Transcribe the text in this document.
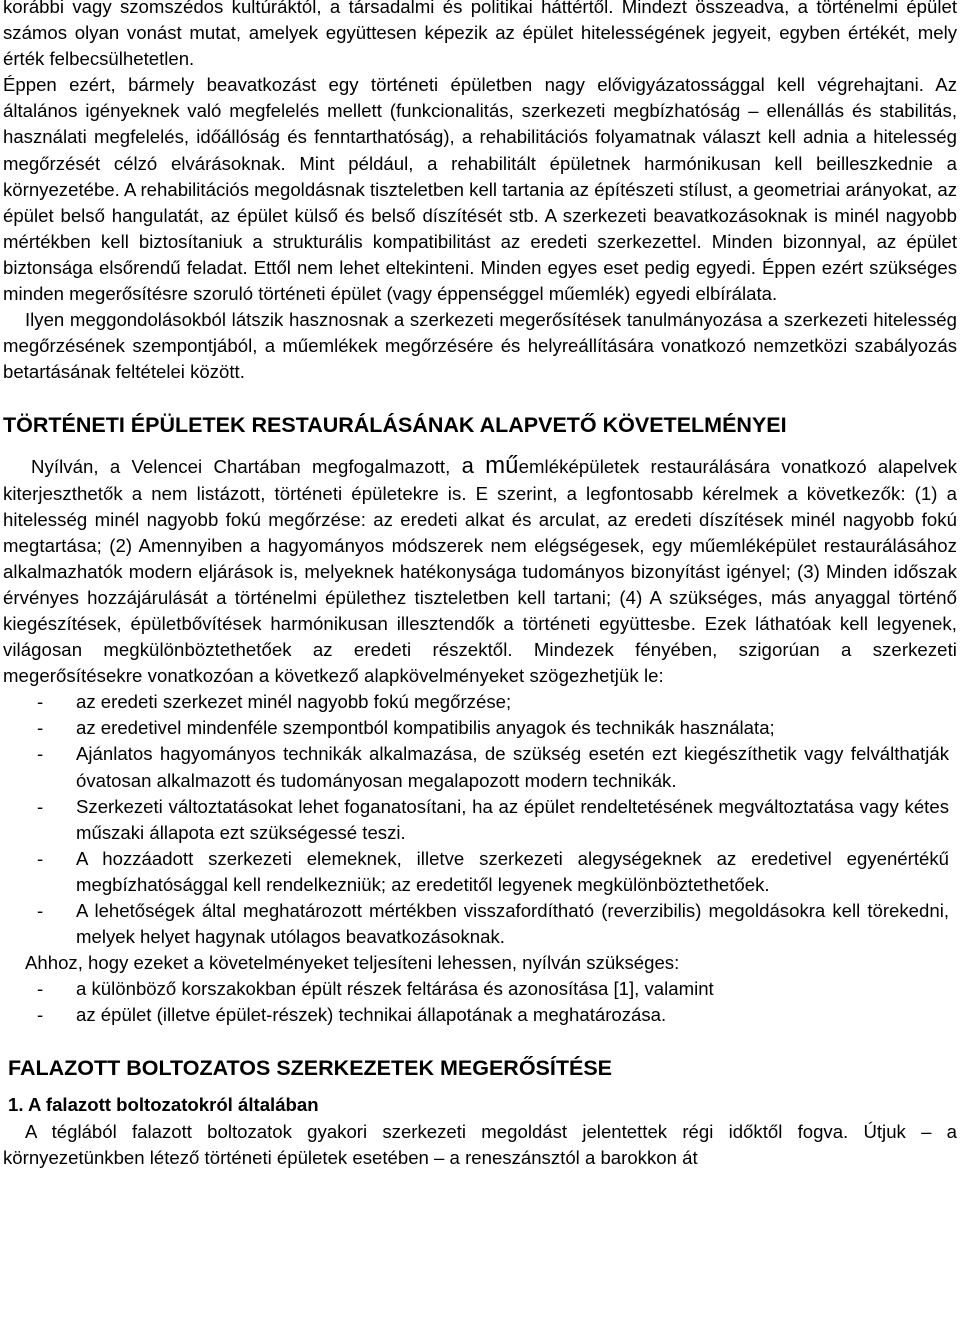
korábbi vagy szomszédos kultúráktól, a társadalmi és politikai háttértől. Mindezt összeadva, a történelmi épület számos olyan vonást mutat, amelyek együttesen képezik az épület hitelességének jegyeit, egyben értékét, mely érték felbecsülhetetlen.

Éppen ezért, bármely beavatkozást egy történeti épületben nagy elővigyázatossággal kell végrehajtani. Az általános igényeknek való megfelelés mellett (funkcionalitás, szerkezeti megbízhatóság – ellenállás és stabilitás, használati megfelelés, időállóság és fenntarthatóság), a rehabilitációs folyamatnak választ kell adnia a hitelesség megőrzését célzó elvárásoknak. Mint például, a rehabilitált épületnek harmónikusan kell beilleszkednie a környezetébe. A rehabilitációs megoldásnak tiszteletben kell tartania az építészeti stílust, a geometriai arányokat, az épület belső hangulatát, az épület külső és belső díszítését stb. A szerkezeti beavatkozásoknak is minél nagyobb mértékben kell biztosítaniuk a strukturális kompatibilitást az eredeti szerkezettel. Minden bizonnyal, az épület biztonsága elsőrendű feladat. Ettől nem lehet eltekinteni. Minden egyes eset pedig egyedi. Éppen ezért szükséges minden megerősítésre szoruló történeti épület (vagy éppenséggel műemlék) egyedi elbírálata.

Ilyen meggondolásokból látszik hasznosnak a szerkezeti megerősítések tanulmányozása a szerkezeti hitelesség megőrzésének szempontjából, a műemlékek megőrzésére és helyreállítására vonatkozó nemzetközi szabályozás betartásának feltételei között.

TÖRTÉNETI ÉPÜLETEK RESTAURÁLÁSÁNAK ALAPVETŐ KÖVETELMÉNYEI

Nyílván, a Velencei Chartában megfogalmazott, a műemléképületek restaurálására vonatkozó alapelvek kiterjeszthetők a nem listázott, történeti épületekre is. E szerint, a legfontosabb kérelmek a következők: (1) a hitelesség minél nagyobb fokú megőrzése: az eredeti alkat és arculat, az eredeti díszítések minél nagyobb fokú megtartása; (2) Amennyiben a hagyományos módszerek nem elégségesek, egy műemléképület restaurálásához alkalmazhatók modern eljárások is, melyeknek hatékonysága tudományos bizonyítást igényel; (3) Minden időszak érvényes hozzájárulását a történelmi épülethez tiszteletben kell tartani; (4) A szükséges, más anyaggal történő kiegészítések, épületbővítések harmónikusan illesztendők a történeti együttesbe. Ezek láthatóak kell legyenek, világosan megkülönböztethetőek az eredeti részektől. Mindezek fényében, szigorúan a szerkezeti megerősítésekre vonatkozóan a következő alapkövelményeket szögezhetjük le:

- az eredeti szerkezet minél nagyobb fokú megőrzése;
- az eredetivel mindenféle szempontból kompatibilis anyagok és technikák használata;
- Ajánlatos hagyományos technikák alkalmazása, de szükség esetén ezt kiegészíthetik vagy felválthatják óvatosan alkalmazott és tudományosan megalapozott modern technikák.
- Szerkezeti változtatásokat lehet foganatosítani, ha az épület rendeltetésének megváltoztatása vagy kétes műszaki állapota ezt szükségessé teszi.
- A hozzáadott szerkezeti elemeknek, illetve szerkezeti alegységeknek az eredetivel egyenértékű megbízhatósággal kell rendelkezniük; az eredetitől legyenek megkülönböztethetőek.
- A lehetőségek által meghatározott mértékben visszafordítható (reverzibilis) megoldásokra kell törekedni, melyek helyet hagynak utólagos beavatkozásoknak.

Ahhoz, hogy ezeket a követelményeket teljesíteni lehessen, nyílván szükséges:

- a különböző korszakokban épült részek feltárása és azonosítása [1], valamint
- az épület (illetve épület-részek) technikai állapotának a meghatározása.
FALAZOTT BOLTOZATOS SZERKEZETEK MEGERŐSÍTÉSE
1. A falazott boltozatokról általában

A téglából falazott boltozatok gyakori szerkezeti megoldást jelentettek régi időktől fogva. Útjuk – a környezetünkben létező történeti épületek esetében – a reneszánsztól a barokkon át
